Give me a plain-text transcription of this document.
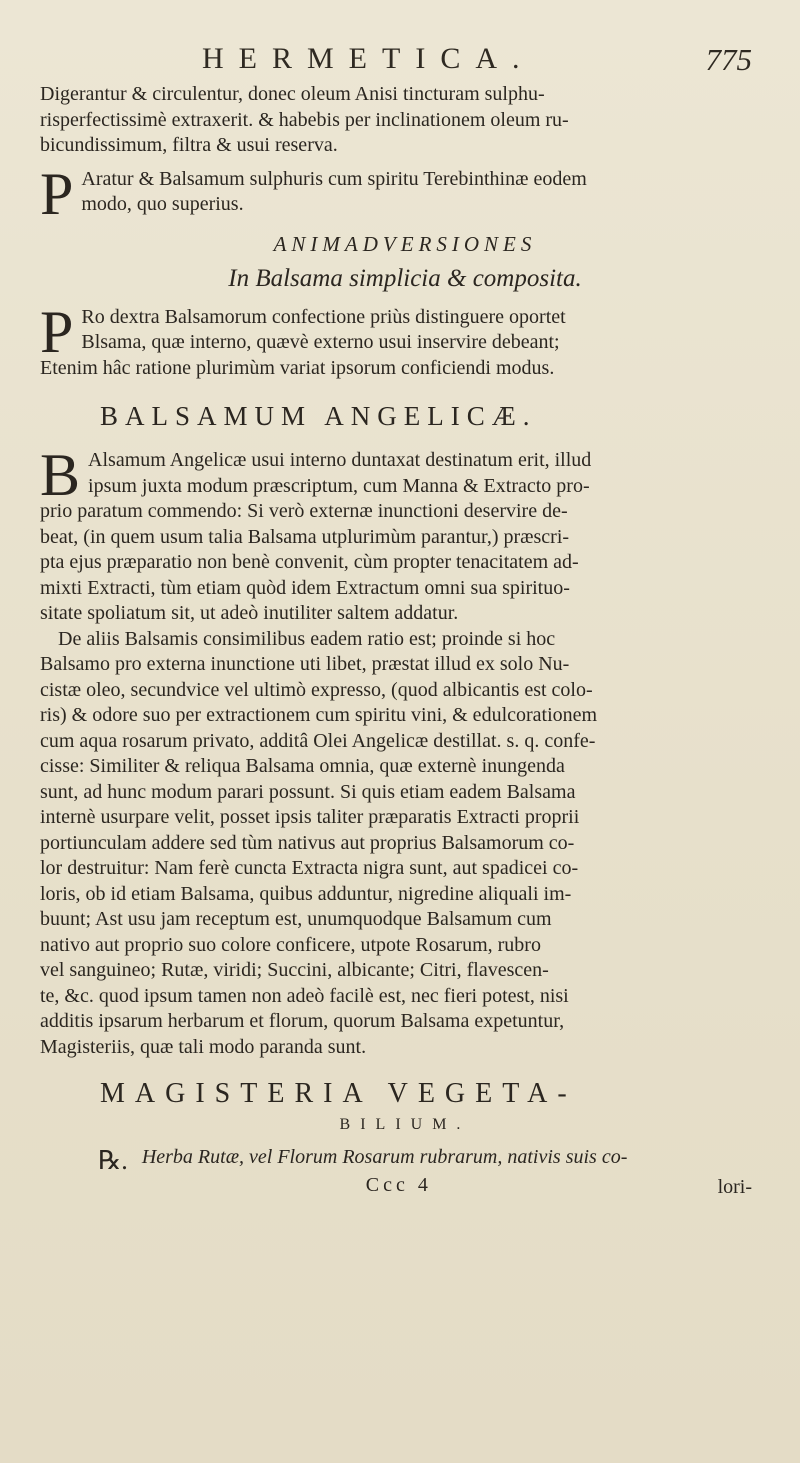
HERMETICA.	775

Digerantur & circulentur, donec oleum Anisi tincturam sulphu-

risperfectissimè extraxerit. & habebis per inclinationem oleum ru-

bicundissimum, filtra & usui reserva.

P Aratur & Balsamum sulphuris cum spiritu Terebinthinæ eodem

modo, quo superius.

ANIMADVERSIONES
In Balsama simplicia & composita.
P Ro dextra Balsamorum confectione priùs distinguere oportet

Blsama, quæ interno, quævè externo usui inservire debeant;

Etenim hâc ratione plurimùm variat ipsorum conficiendi modus.

BALSAMUM ANGELICÆ.
B Alsamum Angelicæ usui interno duntaxat destinatum erit, illud

ipsum juxta modum præscriptum, cum Manna & Extracto pro-

prio paratum commendo: Si verò externæ inunctioni deservire de-

beat, (in quem usum talia Balsama utplurimùm parantur,) præscri-

pta ejus præparatio non benè convenit, cùm propter tenacitatem ad-

mixti Extracti, tùm etiam quòd idem Extractum omni sua spirituo-

sitate spoliatum sit, ut adeò inutiliter saltem addatur.

De aliis Balsamis consimilibus eadem ratio est; proinde si hoc

Balsamo pro externa inunctione uti libet, præstat illud ex solo Nu-

cistæ oleo, secundvice vel ultimò expresso, (quod albicantis est colo-

ris) & odore suo per extractionem cum spiritu vini, & edulcorationem

cum aqua rosarum privato, additâ Olei Angelicæ destillat. s. q. confe-

cisse: Similiter & reliqua Balsama omnia, quæ externè inungenda

sunt, ad hunc modum parari possunt. Si quis etiam eadem Balsama

internè usurpare velit, posset ipsis taliter præparatis Extracti proprii

portiunculam addere sed tùm nativus aut proprius Balsamorum co-

lor destruitur: Nam ferè cuncta Extracta nigra sunt, aut spadicei co-

loris, ob id etiam Balsama, quibus adduntur, nigredine aliquali im-

buunt; Ast usu jam receptum est, unumquodque Balsamum cum

nativo aut proprio suo colore conficere, utpote Rosarum, rubro

vel sanguineo; Rutæ, viridi; Succini, albicante; Citri, flavescen-

te, &c. quod ipsum tamen non adeò facilè est, nec fieri potest, nisi

additis ipsarum herbarum et florum, quorum Balsama expetuntur,

Magisteriis, quæ tali modo paranda sunt.

MAGISTERIA VEGETA-
BILIUM.
℞. Herba Rutæ, vel Florum Rosarum rubrarum, nativis suis co-
Ccc 4	lori-
